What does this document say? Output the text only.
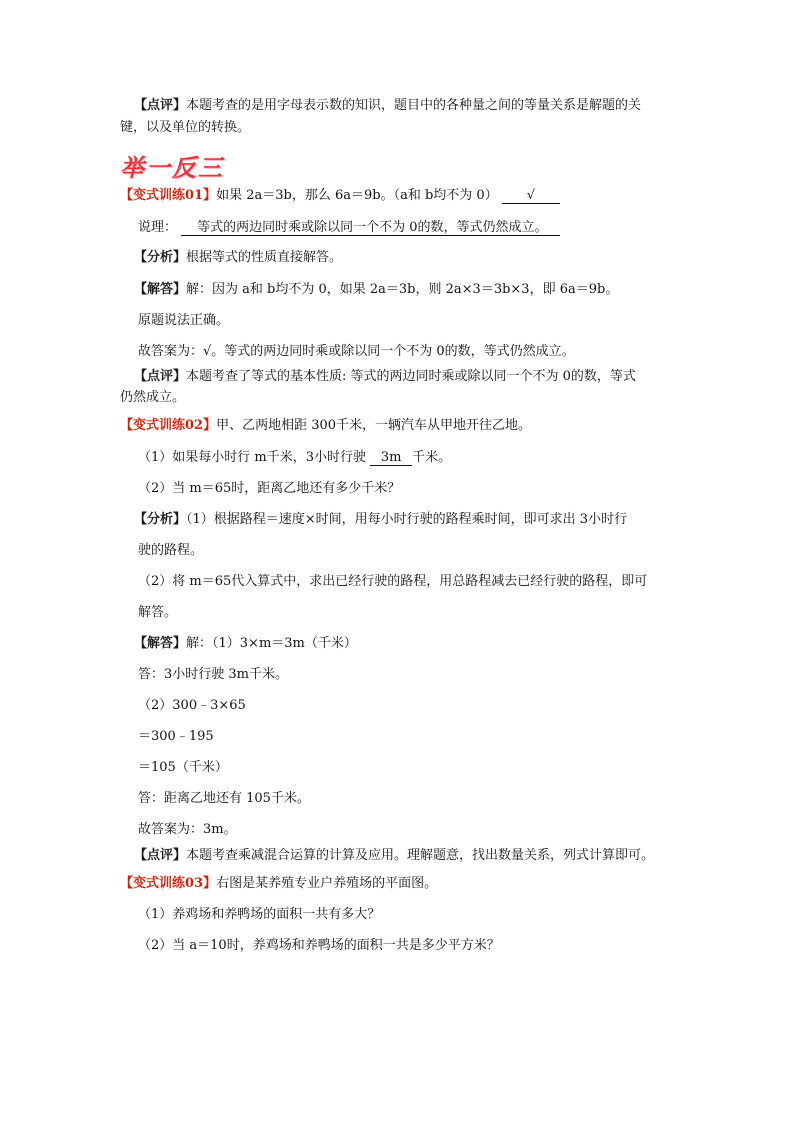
【点评】本题考查的是用字母表示数的知识，题目中的各种量之间的等量关系是解题的关
键，以及单位的转换。
举一反三
【变式训练01】如果 2a＝3b，那么 6a＝9b。（a和 b均不为 0） √
说理： 等式的两边同时乘或除以同一个不为 0的数，等式仍然成立。
【分析】根据等式的性质直接解答。
【解答】解：因为 a和 b均不为 0，如果 2a＝3b，则 2a×3＝3b×3，即 6a＝9b。
原题说法正确。
故答案为：√。等式的两边同时乘或除以同一个不为 0的数，等式仍然成立。
【点评】本题考查了等式的基本性质: 等式的两边同时乘或除以同一个不为 0的数，等式
仍然成立。
【变式训练02】甲、乙两地相距 300千米，一辆汽车从甲地开往乙地。
（1）如果每小时行 m千米，3小时行驶 3m 千米。
（2）当 m＝65时，距离乙地还有多少千米？
【分析】（1）根据路程＝速度×时间，用每小时行驶的路程乘时间，即可求出 3小时行
驶的路程。
（2）将 m＝65代入算式中，求出已经行驶的路程，用总路程减去已经行驶的路程，即可
解答。
【解答】解：（1）3×m＝3m（千米）
答：3小时行驶 3m千米。
（2）300﹣3×65
＝300﹣195
＝105（千米）
答：距离乙地还有 105千米。
故答案为：3m。
【点评】本题考查乘减混合运算的计算及应用。理解题意，找出数量关系，列式计算即可。
【变式训练03】右图是某养殖专业户养殖场的平面图。
（1）养鸡场和养鸭场的面积一共有多大？
（2）当 a＝10时，养鸡场和养鸭场的面积一共是多少平方米？
